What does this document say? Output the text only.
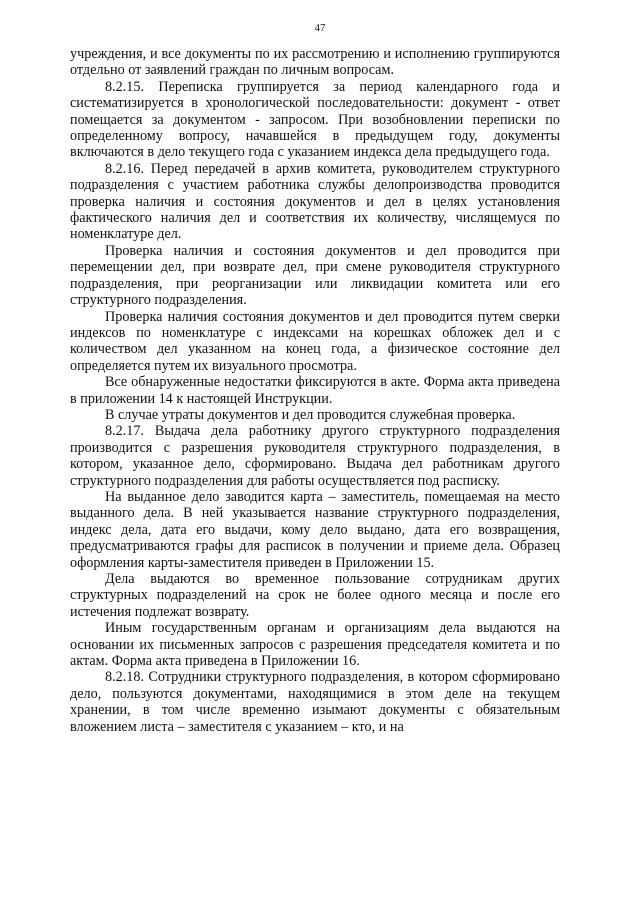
47

учреждения, и все документы по их рассмотрению и исполнению группируются отдельно от заявлений граждан по личным вопросам.

8.2.15. Переписка группируется за период календарного года и систематизируется в хронологической последовательности: документ - ответ помещается за документом - запросом. При возобновлении переписки по определенному вопросу, начавшейся в предыдущем году, документы включаются в дело текущего года с указанием индекса дела предыдущего года.

8.2.16. Перед передачей в архив комитета, руководителем структурного подразделения с участием работника службы делопроизводства проводится проверка наличия и состояния документов и дел в целях установления фактического наличия дел и соответствия их количеству, числящемуся по номенклатуре дел.

Проверка наличия и состояния документов и дел проводится при перемещении дел, при возврате дел, при смене руководителя структурного подразделения, при реорганизации или ликвидации комитета или его структурного подразделения.

Проверка наличия состояния документов и дел проводится путем сверки индексов по номенклатуре с индексами на корешках обложек дел и с количеством дел указанном на конец года, а физическое состояние дел определяется путем их визуального просмотра.

Все обнаруженные недостатки фиксируются в акте. Форма акта приведена в приложении 14 к настоящей Инструкции.

В случае утраты документов и дел проводится служебная проверка.

8.2.17. Выдача дела работнику другого структурного подразделения производится с разрешения руководителя структурного подразделения, в котором, указанное дело, сформировано. Выдача дел работникам другого структурного подразделения для работы осуществляется под расписку.

На выданное дело заводится карта – заместитель, помещаемая на место выданного дела. В ней указывается название структурного подразделения, индекс дела, дата его выдачи, кому дело выдано, дата его возвращения, предусматриваются графы для расписок в получении и приеме дела. Образец оформления карты-заместителя приведен в Приложении 15.

Дела выдаются во временное пользование сотрудникам других структурных подразделений на срок не более одного месяца и после его истечения подлежат возврату.

Иным государственным органам и организациям дела выдаются на основании их письменных запросов с разрешения председателя комитета и по актам. Форма акта приведена в Приложении 16.

8.2.18. Сотрудники структурного подразделения, в котором сформировано дело, пользуются документами, находящимися в этом деле на текущем хранении, в том числе временно изымают документы с обязательным вложением листа – заместителя с указанием – кто, и на
